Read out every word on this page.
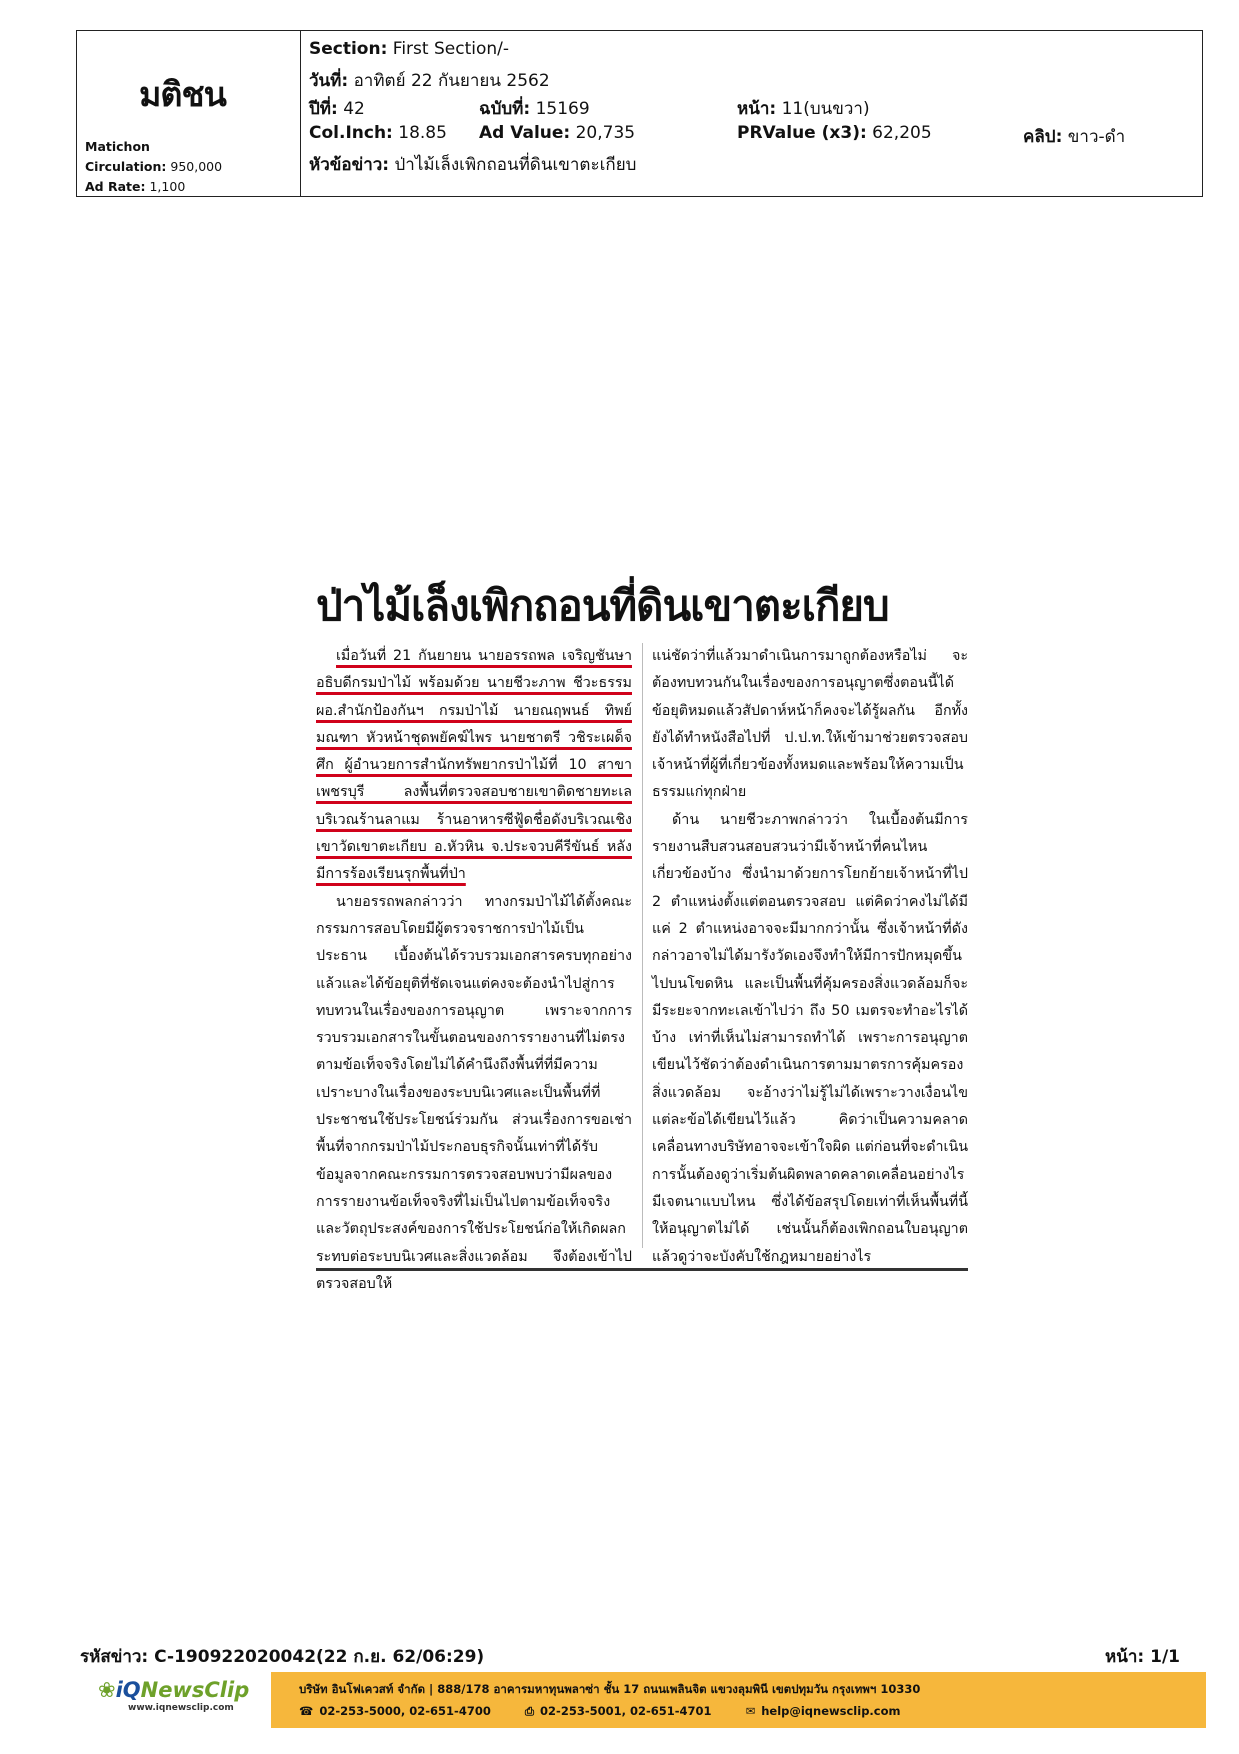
มติชน
Matichon
Circulation: 950,000
Ad Rate: 1,100
Section: First Section/-
วันที่: อาทิตย์ 22 กันยายน 2562
ปีที่: 42	ฉบับที่: 15169	หน้า: 11(บนขวา)
Col.Inch: 18.85 Ad Value: 20,735	PRValue (x3): 62,205	คลิป: ขาว-ดำ
หัวข้อข่าว: ป่าไม้เล็งเพิกถอนที่ดินเขาตะเกียบ
ป่าไม้เล็งเพิกถอนที่ดินเขาตะเกียบ

เมื่อวันที่ 21 กันยายน นายอรรถพล เจริญชันษา อธิบดีกรมป่าไม้ พร้อมด้วย นายชีวะภาพ ชีวะธรรม ผอ.สำนักป้องกันฯ กรมป่าไม้ นายณฤพนธ์ ทิพย์มณฑา หัวหน้าชุดพยัคฆ์ไพร นายชาตรี วชิระเผด็จศึก ผู้อำนวยการสำนักทรัพยากรป่าไม้ที่ 10 สาขาเพชรบุรี ลงพื้นที่ตรวจสอบชายเขาติดชายทะเล บริเวณร้านลาแม ร้านอาหารซีฟู้ดชื่อดังบริเวณเชิงเขาวัดเขาตะเกียบ อ.หัวหิน จ.ประจวบคีรีขันธ์ หลังมีการร้องเรียนรุกพื้นที่ป่า

นายอรรถพลกล่าวว่า ทางกรมป่าไม้ได้ตั้งคณะกรรมการสอบโดยมีผู้ตรวจราชการป่าไม้เป็นประธาน เบื้องต้นได้รวบรวมเอกสารครบทุกอย่างแล้วและได้ข้อยุติที่ชัดเจนแต่คงจะต้องนำไปสู่การทบทวนในเรื่องของการอนุญาต เพราะจากการรวบรวมเอกสารในขั้นตอนของการรายงานที่ไม่ตรงตามข้อเท็จจริงโดยไม่ได้คำนึงถึงพื้นที่ที่มีความเปราะบางในเรื่องของระบบนิเวศและเป็นพื้นที่ที่ประชาชนใช้ประโยชน์ร่วมกัน ส่วนเรื่องการขอเช่าพื้นที่จากกรมป่าไม้ประกอบธุรกิจนั้นเท่าที่ได้รับข้อมูลจากคณะกรรมการตรวจสอบพบว่ามีผลของการรายงานข้อเท็จจริงที่ไม่เป็นไปตามข้อเท็จจริงและวัตถุประสงค์ของการใช้ประโยชน์ก่อให้เกิดผลกระทบต่อระบบนิเวศและสิ่งแวดล้อม จึงต้องเข้าไปตรวจสอบให้

แน่ชัดว่าที่แล้วมาดำเนินการมาถูกต้องหรือไม่ จะต้องทบทวนกันในเรื่องของการอนุญาตซึ่งตอนนี้ได้ข้อยุติหมดแล้วสัปดาห์หน้าก็คงจะได้รู้ผลกัน อีกทั้งยังได้ทำหนังสือไปที่ ป.ป.ท.ให้เข้ามาช่วยตรวจสอบเจ้าหน้าที่ผู้ที่เกี่ยวข้องทั้งหมดและพร้อมให้ความเป็นธรรมแก่ทุกฝ่าย

ด้าน นายชีวะภาพกล่าวว่า ในเบื้องต้นมีการรายงานสืบสวนสอบสวนว่ามีเจ้าหน้าที่คนไหนเกี่ยวข้องบ้าง ซึ่งนำมาด้วยการโยกย้ายเจ้าหน้าที่ไป 2 ตำแหน่งตั้งแต่ตอนตรวจสอบ แต่คิดว่าคงไม่ได้มีแค่ 2 ตำแหน่งอาจจะมีมากกว่านั้น ซึ่งเจ้าหน้าที่ดังกล่าวอาจไม่ได้มารังวัดเองจึงทำให้มีการปักหมุดขึ้นไปบนโขดหิน และเป็นพื้นที่คุ้มครองสิ่งแวดล้อมก็จะมีระยะจากทะเลเข้าไปว่า ถึง 50 เมตรจะทำอะไรได้บ้าง เท่าที่เห็นไม่สามารถทำได้ เพราะการอนุญาตเขียนไว้ชัดว่าต้องดำเนินการตามมาตรการคุ้มครองสิ่งแวดล้อม จะอ้างว่าไม่รู้ไม่ได้เพราะวางเงื่อนไขแต่ละข้อได้เขียนไว้แล้ว คิดว่าเป็นความคลาดเคลื่อนทางบริษัทอาจจะเข้าใจผิด แต่ก่อนที่จะดำเนินการนั้นต้องดูว่าเริ่มต้นผิดพลาดคลาดเคลื่อนอย่างไร มีเจตนาแบบไหน ซึ่งได้ข้อสรุปโดยเท่าที่เห็นพื้นที่นี้ให้อนุญาตไม่ได้ เช่นนั้นก็ต้องเพิกถอนใบอนุญาต แล้วดูว่าจะบังคับใช้กฎหมายอย่างไร

รหัสข่าว: C-190922020042(22 ก.ย. 62/06:29)	หน้า: 1/1
❀iQNewsClip
www.iqnewsclip.com
บริษัท อินโฟเควสท์ จำกัด | 888/178 อาคารมหาทุนพลาซ่า ชั้น 17 ถนนเพลินจิต แขวงลุมพินี เขตปทุมวัน กรุงเทพฯ 10330
☎ 02-253-5000, 02-651-4700	⎙ 02-253-5001, 02-651-4701	✉ help@iqnewsclip.com
